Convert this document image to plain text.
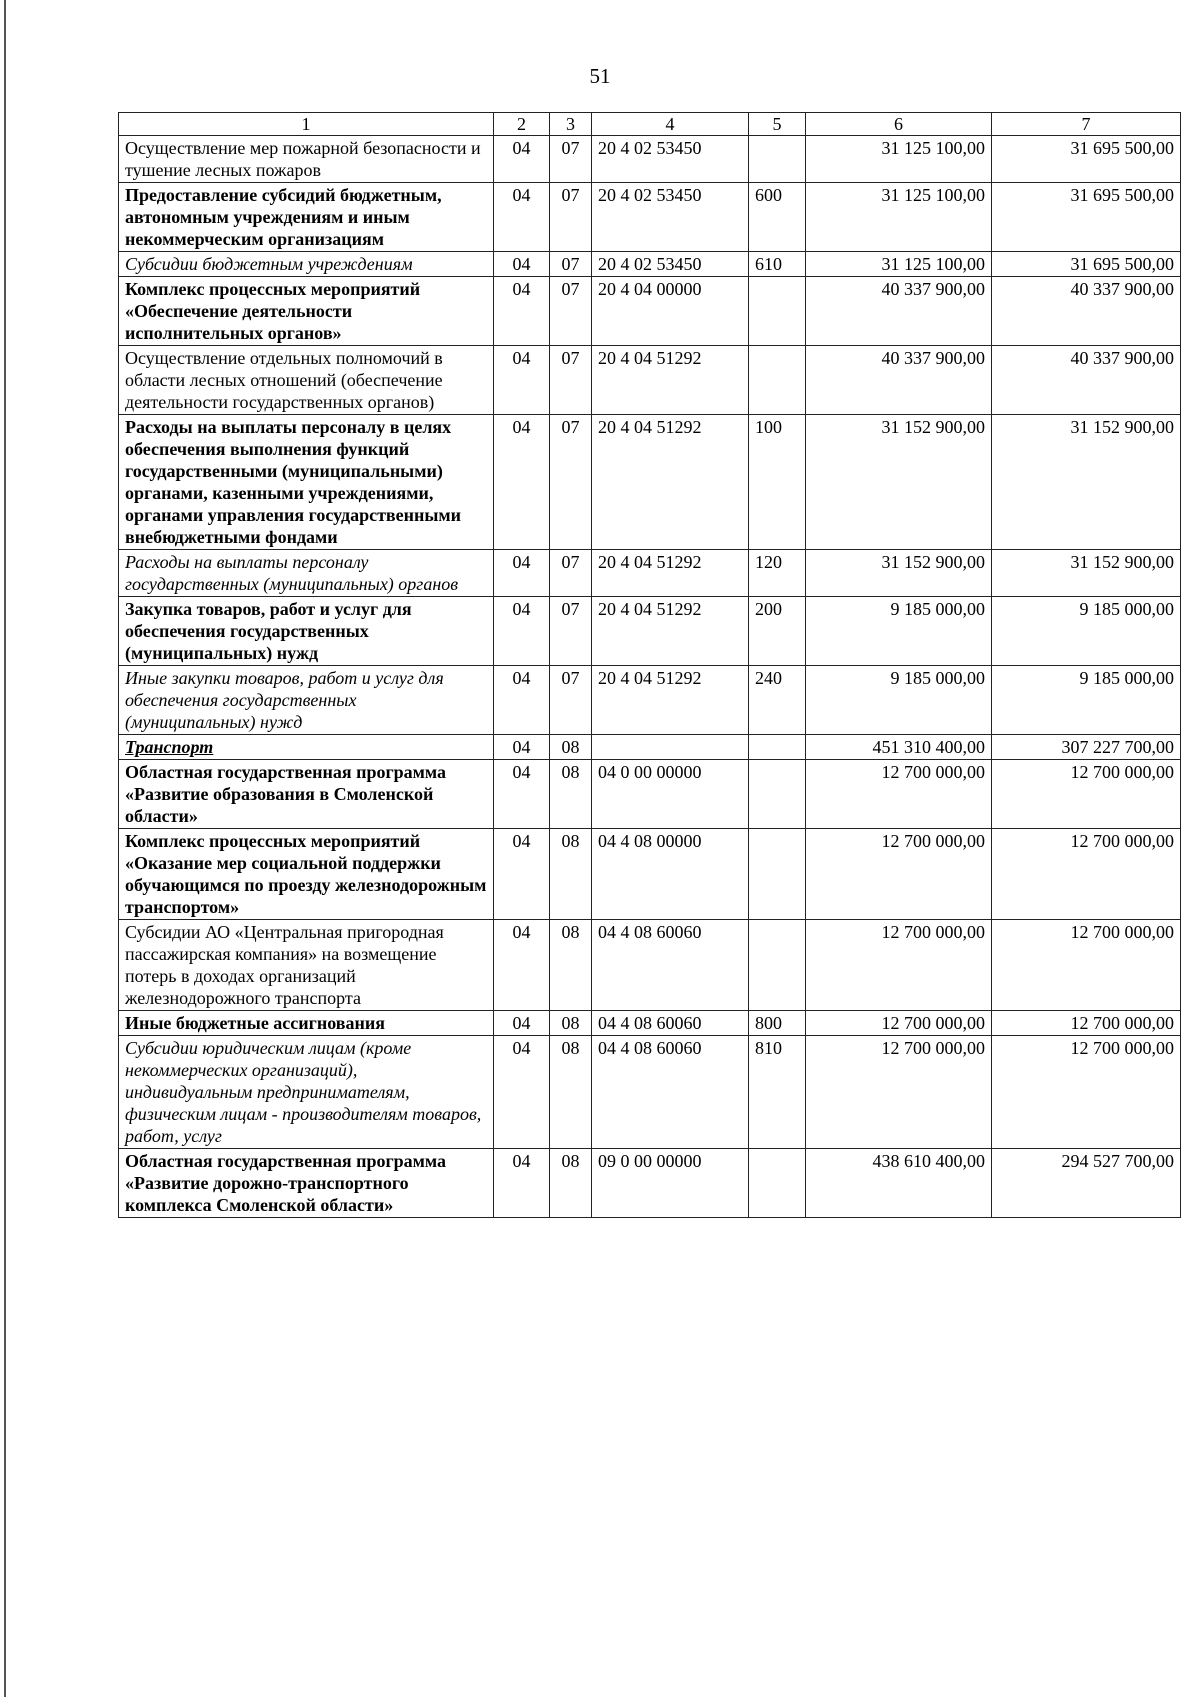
51
1	2	3	4	5	6	7
Осуществление мер пожарной безопасности и тушение лесных пожаров	04	07	20 4 02 53450		31 125 100,00	31 695 500,00
Предоставление субсидий бюджетным, автономным учреждениям и иным некоммерческим организациям	04	07	20 4 02 53450	600	31 125 100,00	31 695 500,00
Субсидии бюджетным учреждениям	04	07	20 4 02 53450	610	31 125 100,00	31 695 500,00
Комплекс процессных мероприятий «Обеспечение деятельности исполнительных органов»	04	07	20 4 04 00000		40 337 900,00	40 337 900,00
Осуществление отдельных полномочий в области лесных отношений (обеспечение деятельности государственных органов)	04	07	20 4 04 51292		40 337 900,00	40 337 900,00
Расходы на выплаты персоналу в целях обеспечения выполнения функций государственными (муниципальными) органами, казенными учреждениями, органами управления государственными внебюджетными фондами	04	07	20 4 04 51292	100	31 152 900,00	31 152 900,00
Расходы на выплаты персоналу государственных (муниципальных) органов	04	07	20 4 04 51292	120	31 152 900,00	31 152 900,00
Закупка товаров, работ и услуг для обеспечения государственных (муниципальных) нужд	04	07	20 4 04 51292	200	9 185 000,00	9 185 000,00
Иные закупки товаров, работ и услуг для обеспечения государственных (муниципальных) нужд	04	07	20 4 04 51292	240	9 185 000,00	9 185 000,00
Транспорт	04	08			451 310 400,00	307 227 700,00
Областная государственная программа «Развитие образования в Смоленской области»	04	08	04 0 00 00000		12 700 000,00	12 700 000,00
Комплекс процессных мероприятий «Оказание мер социальной поддержки обучающимся по проезду железнодорожным транспортом»	04	08	04 4 08 00000		12 700 000,00	12 700 000,00
Субсидии АО «Центральная пригородная пассажирская компания» на возмещение потерь в доходах организаций железнодорожного транспорта	04	08	04 4 08 60060		12 700 000,00	12 700 000,00
Иные бюджетные ассигнования	04	08	04 4 08 60060	800	12 700 000,00	12 700 000,00
Субсидии юридическим лицам (кроме некоммерческих организаций), индивидуальным предпринимателям, физическим лицам - производителям товаров, работ, услуг	04	08	04 4 08 60060	810	12 700 000,00	12 700 000,00
Областная государственная программа «Развитие дорожно-транспортного комплекса Смоленской области»	04	08	09 0 00 00000		438 610 400,00	294 527 700,00
